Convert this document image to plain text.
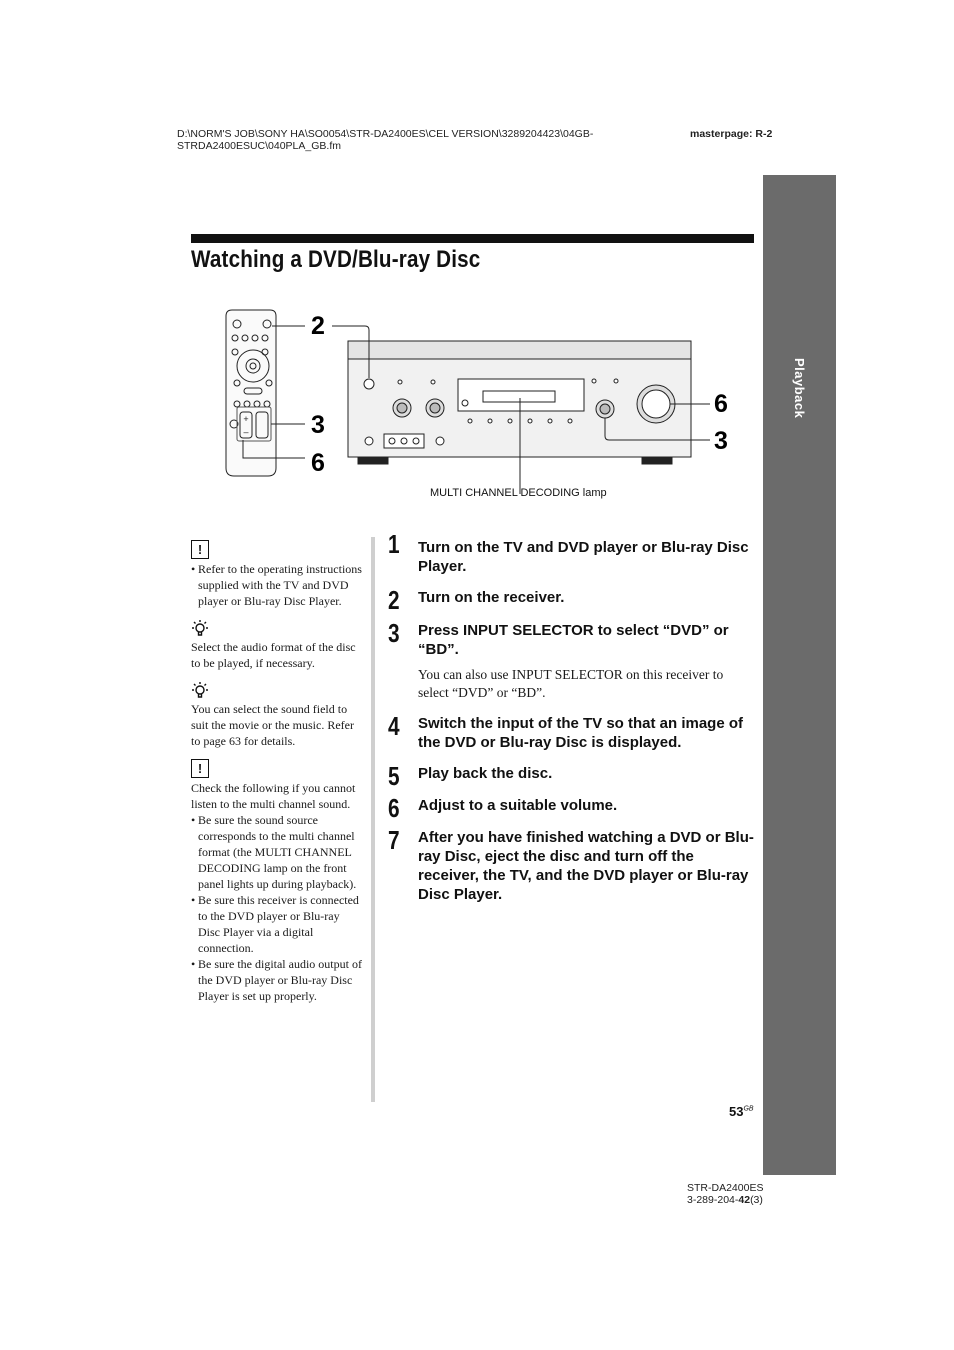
D:\NORM'S JOB\SONY HA\SO0054\STR-DA2400ES\CEL VERSION\3289204423\04GB-STRDA2400ESUC\040PLA_GB.fm
masterpage: R-2
Playback
Watching a DVD/Blu-ray Disc
+
–
2
3
6
6
3
MULTI CHANNEL DECODING lamp
!
• Refer to the operating instructions supplied with the TV and DVD player or Blu-ray Disc Player.

Select the audio format of the disc to be played, if necessary.

You can select the sound field to suit the movie or the music. Refer to page 63 for details.

!

Check the following if you cannot listen to the multi channel sound.

• Be sure the sound source corresponds to the multi channel format (the MULTI CHANNEL DECODING lamp on the front panel lights up during playback).
• Be sure this receiver is connected to the DVD player or Blu-ray Disc Player via a digital connection.
• Be sure the digital audio output of the DVD player or Blu-ray Disc Player is set up properly.
1 Turn on the TV and DVD player or Blu-ray Disc Player.
2 Turn on the receiver.
3 Press INPUT SELECTOR to select “DVD” or “BD”.
You can also use INPUT SELECTOR on this receiver to select “DVD” or “BD”.
4 Switch the input of the TV so that an image of the DVD or Blu-ray Disc is displayed.
5 Play back the disc.
6 Adjust to a suitable volume.
7 After you have finished watching a DVD or Blu-ray Disc, eject the disc and turn off the receiver, the TV, and the DVD player or Blu-ray Disc Player.
$53^{GB}$
STR-DA2400ES
3-289-204-42(3)
